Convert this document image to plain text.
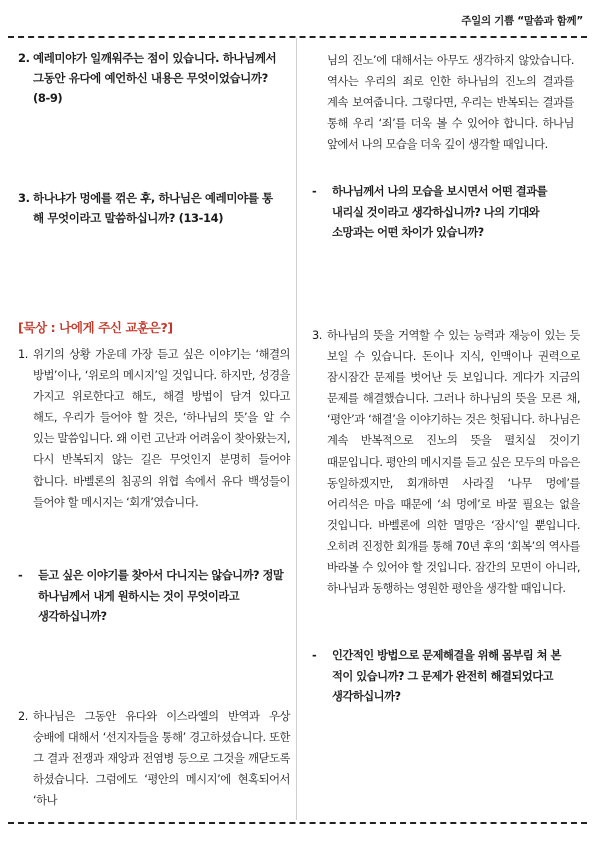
주일의 기쁨 “말씀과 함께”
2. 예레미야가 일깨워주는 점이 있습니다. 하나님께서 그동안 유다에 예언하신 내용은 무엇이었습니까? (8-9)
3. 하나냐가 멍에를 꺾은 후, 하나님은 예레미야를 통해 무엇이라고 말씀하십니까? (13-14)
[묵상 : 나에게 주신 교훈은?]
1. 위기의 상황 가운데 가장 듣고 싶은 이야기는 ‘해결의 방법’이나, ‘위로의 메시지’일 것입니다. 하지만, 성경을 가지고 위로한다고 해도, 해결 방법이 담겨 있다고 해도, 우리가 들어야 할 것은, ‘하나님의 뜻’을 알 수 있는 말씀입니다. 왜 이런 고난과 어려움이 찾아왔는지, 다시 반복되지 않는 길은 무엇인지 분명히 들어야 합니다. 바벨론의 침공의 위협 속에서 유다 백성들이 들어야 할 메시지는 ‘회개’였습니다.
-	듣고 싶은 이야기를 찾아서 다니지는 않습니까? 정말 하나님께서 내게 원하시는 것이 무엇이라고 생각하십니까?
2. 하나님은 그동안 유다와 이스라엘의 반역과 우상 숭배에 대해서 ‘선지자들을 통해’ 경고하셨습니다. 또한 그 결과 전쟁과 재앙과 전염병 등으로 그것을 깨닫도록 하셨습니다. 그럼에도 ‘평안의 메시지’에 현혹되어서 ‘하나
님의 진노’에 대해서는 아무도 생각하지 않았습니다. 역사는 우리의 죄로 인한 하나님의 진노의 결과를 계속 보여줍니다. 그렇다면, 우리는 반복되는 결과를 통해 우리 ‘죄’를 더욱 볼 수 있어야 합니다. 하나님 앞에서 나의 모습을 더욱 깊이 생각할 때입니다.
-	하나님께서 나의 모습을 보시면서 어떤 결과를 내리실 것이라고 생각하십니까? 나의 기대와 소망과는 어떤 차이가 있습니까?
3. 하나님의 뜻을 거역할 수 있는 능력과 재능이 있는 듯 보일 수 있습니다. 돈이나 지식, 인맥이나 권력으로 잠시잠간 문제를 벗어난 듯 보입니다. 게다가 지금의 문제를 해결했습니다. 그러나 하나님의 뜻을 모른 채, ‘평안’과 ‘해결’을 이야기하는 것은 헛됩니다. 하나님은 계속 반복적으로 진노의 뜻을 펼치실 것이기 때문입니다. 평안의 메시지를 듣고 싶은 모두의 마음은 동일하겠지만, 회개하면 사라질 ‘나무 멍에’를 어리석은 마음 때문에 ‘쇠 멍에’로 바꿀 필요는 없을 것입니다. 바벨론에 의한 멸망은 ‘잠시’일 뿐입니다. 오히려 진정한 회개를 통해 70년 후의 ‘회복’의 역사를 바라볼 수 있어야 할 것입니다. 잠간의 모면이 아니라, 하나님과 동행하는 영원한 평안을 생각할 때입니다.
-	인간적인 방법으로 문제해결을 위해 몸부림 쳐 본 적이 있습니까? 그 문제가 완전히 해결되었다고 생각하십니까?
